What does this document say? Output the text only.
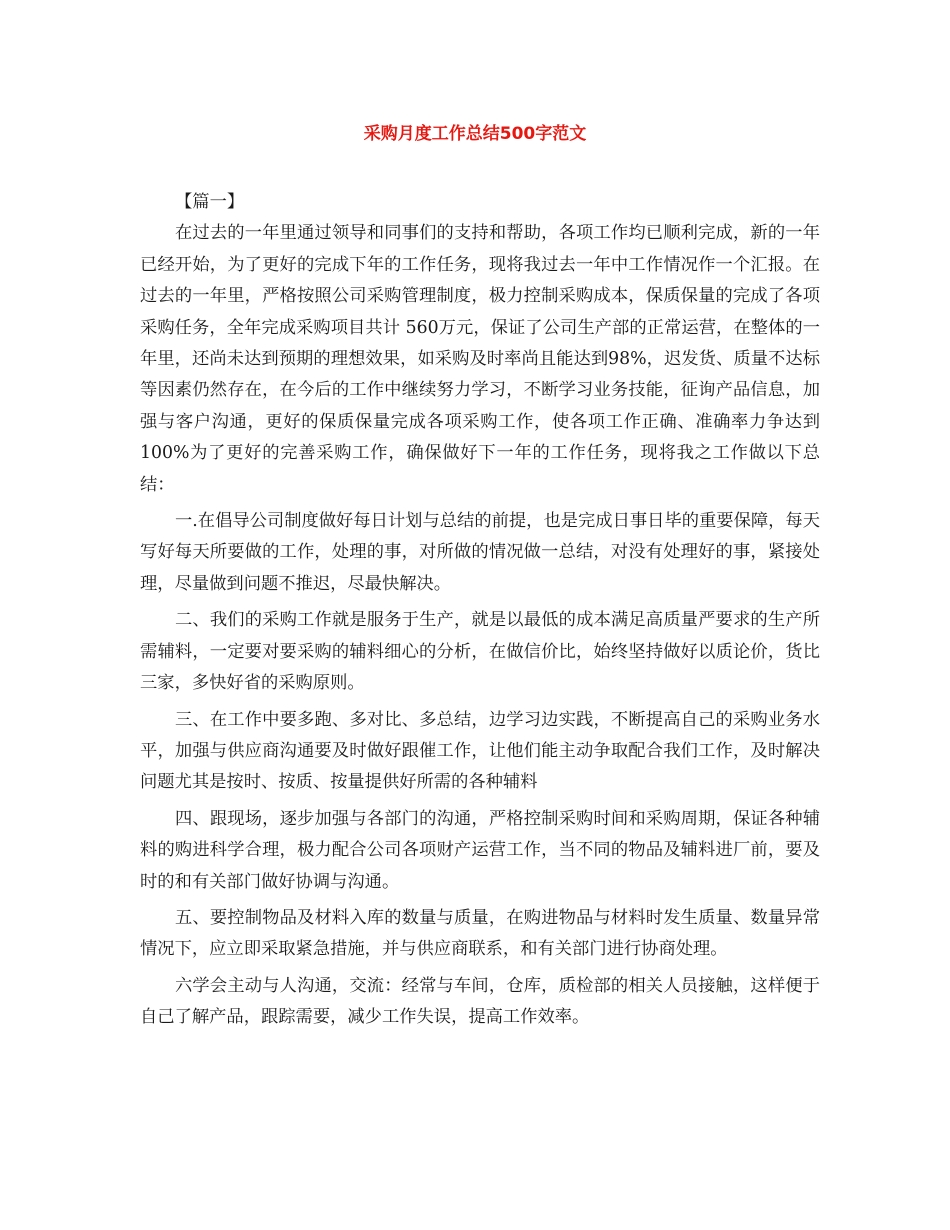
采购月度工作总结500字范文

【篇一】

在过去的一年里通过领导和同事们的支持和帮助，各项工作均已顺利完成，新的一年已经开始，为了更好的完成下年的工作任务，现将我过去一年中工作情况作一个汇报。在过去的一年里，严格按照公司采购管理制度，极力控制采购成本，保质保量的完成了各项采购任务，全年完成采购项目共计 560万元，保证了公司生产部的正常运营，在整体的一年里，还尚未达到预期的理想效果，如采购及时率尚且能达到98%，迟发货、质量不达标等因素仍然存在，在今后的工作中继续努力学习，不断学习业务技能，征询产品信息，加强与客户沟通，更好的保质保量完成各项采购工作，使各项工作正确、准确率力争达到100%为了更好的完善采购工作，确保做好下一年的工作任务，现将我之工作做以下总结：

一.在倡导公司制度做好每日计划与总结的前提，也是完成日事日毕的重要保障，每天写好每天所要做的工作，处理的事，对所做的情况做一总结，对没有处理好的事，紧接处理，尽量做到问题不推迟，尽最快解决。

二、我们的采购工作就是服务于生产，就是以最低的成本满足高质量严要求的生产所需辅料，一定要对要采购的辅料细心的分析，在做信价比，始终坚持做好以质论价，货比三家，多快好省的采购原则。

三、在工作中要多跑、多对比、多总结，边学习边实践，不断提高自己的采购业务水平，加强与供应商沟通要及时做好跟催工作，让他们能主动争取配合我们工作，及时解决问题尤其是按时、按质、按量提供好所需的各种辅料

四、跟现场，逐步加强与各部门的沟通，严格控制采购时间和采购周期，保证各种辅料的购进科学合理，极力配合公司各项财产运营工作，当不同的物品及辅料进厂前，要及时的和有关部门做好协调与沟通。

五、要控制物品及材料入库的数量与质量，在购进物品与材料时发生质量、数量异常情况下，应立即采取紧急措施，并与供应商联系，和有关部门进行协商处理。

六学会主动与人沟通，交流：经常与车间，仓库，质检部的相关人员接触，这样便于自己了解产品，跟踪需要，减少工作失误，提高工作效率。
